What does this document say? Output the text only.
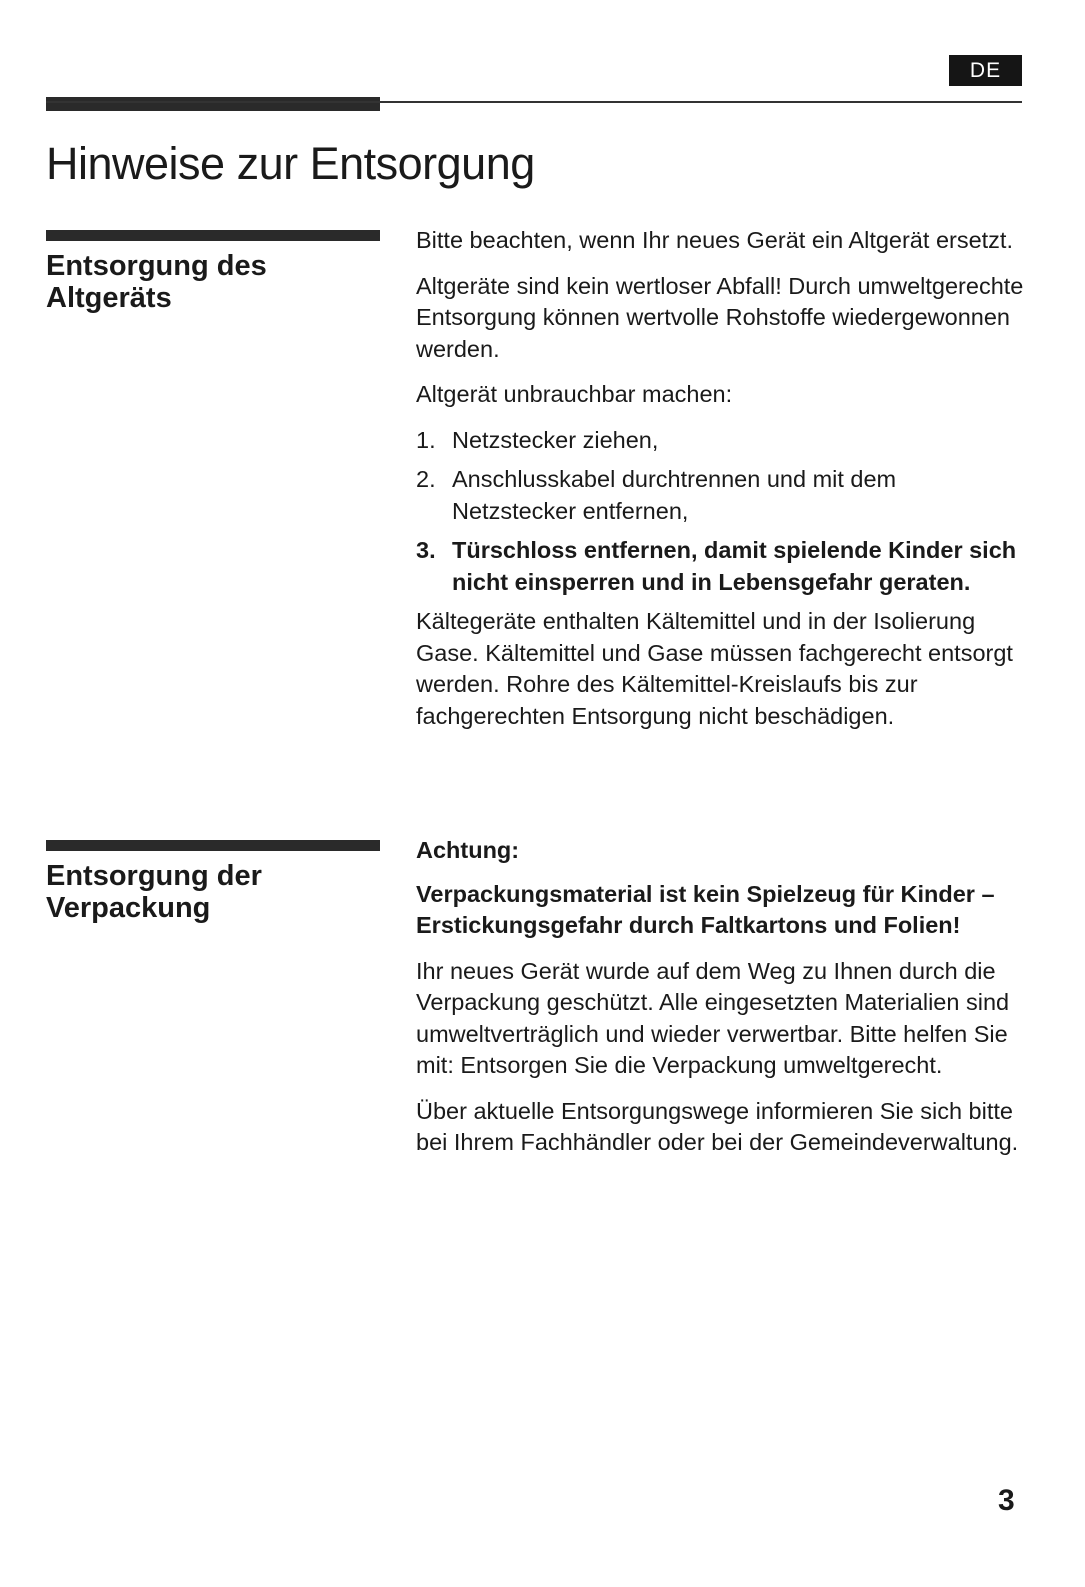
DE
Hinweise zur Entsorgung
Entsorgung des
Altgeräts

Bitte beachten, wenn Ihr neues Gerät ein Altgerät ersetzt.

Altgeräte sind kein wertloser Abfall! Durch umweltgerechte Entsorgung können wertvolle Rohstoffe wiedergewonnen werden.

Altgerät unbrauchbar machen:

1. Netzstecker ziehen,
2. Anschlusskabel durchtrennen und mit dem Netzstecker entfernen,
3. Türschloss entfernen, damit spielende Kinder sich nicht einsperren und in Lebensgefahr geraten.

Kältegeräte enthalten Kältemittel und in der Isolierung Gase. Kältemittel und Gase müssen fachgerecht entsorgt werden. Rohre des Kältemittel-Kreislaufs bis zur fachgerechten Entsorgung nicht beschädigen.

Entsorgung der
Verpackung

Achtung:

Verpackungsmaterial ist kein Spielzeug für Kinder – Erstickungsgefahr durch Faltkartons und Folien!

Ihr neues Gerät wurde auf dem Weg zu Ihnen durch die Verpackung geschützt. Alle eingesetzten Materialien sind umweltverträglich und wieder verwertbar. Bitte helfen Sie mit: Entsorgen Sie die Verpackung umweltgerecht.

Über aktuelle Entsorgungswege informieren Sie sich bitte bei Ihrem Fachhändler oder bei der Gemeindeverwaltung.

3
